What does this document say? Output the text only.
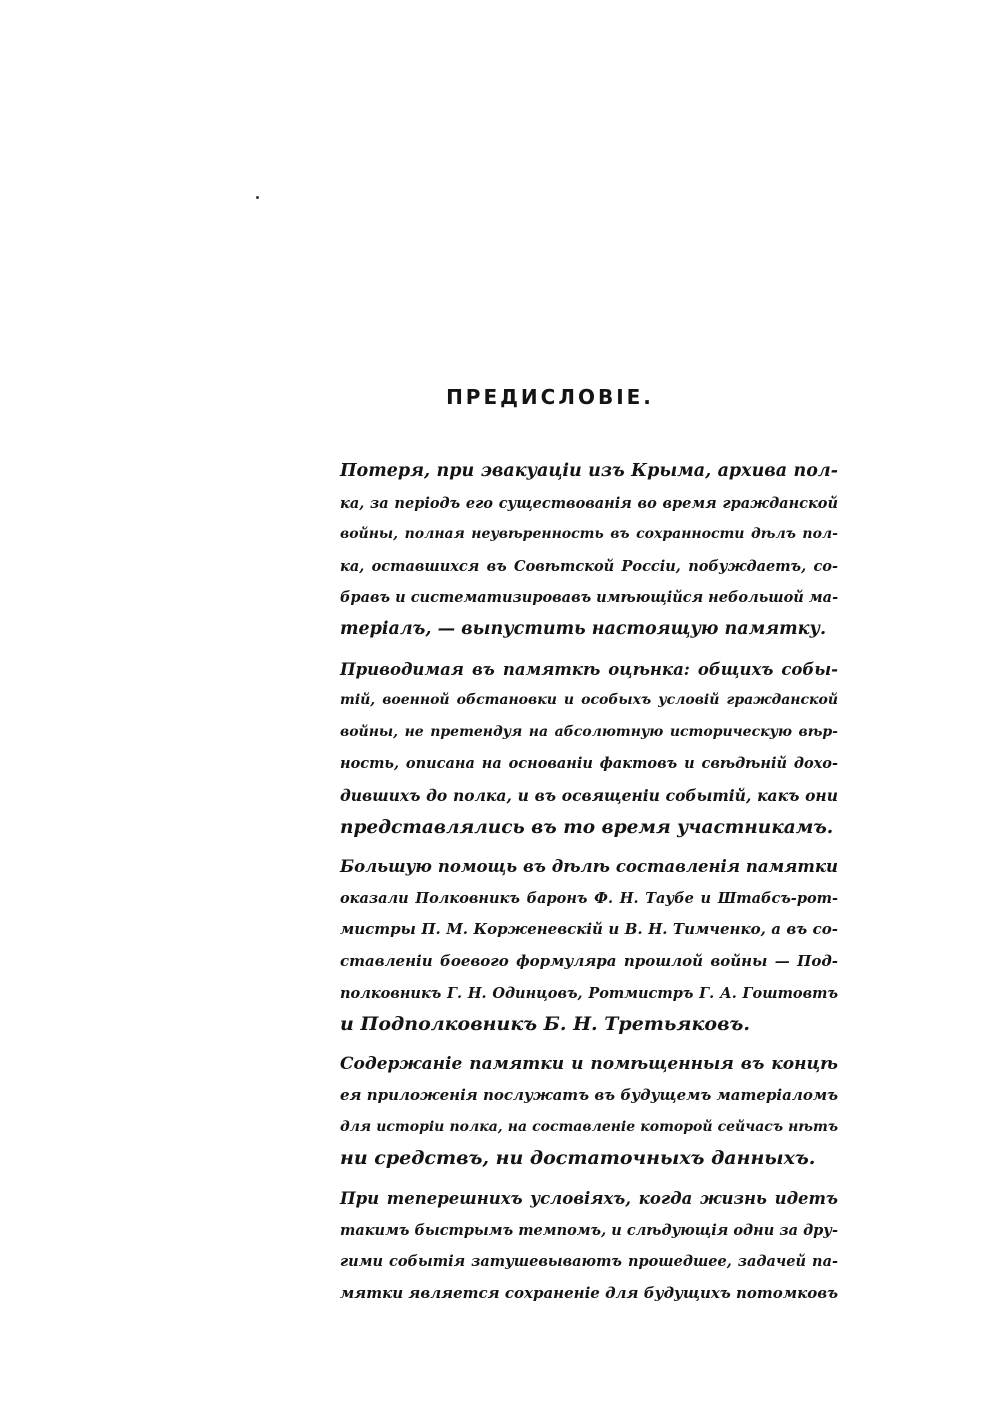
ПРЕДИСЛОВIЕ.
Потеря, при эвакуацiи изъ Крыма, архива пол-
ка, за перiодъ его существованiя во время гражданской
войны, полная неувѣренность въ сохранности дѣлъ пол-
ка, оставшихся въ Совѣтской Россiи, побуждаетъ, со-
бравъ и систематизировавъ имѣющiйся небольшой ма-
терiалъ, — выпустить настоящую памятку.
Приводимая въ памяткѣ оцѣнка: общихъ собы-
тiй, военной обстановки и особыхъ условiй гражданской
войны, не претендуя на абсолютную историческую вѣр-
ность, описана на основанiи фактовъ и свѣдѣнiй дохо-
дившихъ до полка, и въ освященiи событiй, какъ они
представлялись въ то время участникамъ.
Большую помощь въ дѣлѣ составленiя памятки
оказали Полковникъ баронъ Ф. Н. Таубе и Штабсъ-рот-
мистры П. М. Корженевскiй и В. Н. Тимченко, а въ со-
ставленiи боевого формуляра прошлой войны — Под-
полковникъ Г. Н. Одинцовъ, Ротмистръ Г. А. Гоштовтъ
и Подполковникъ Б. Н. Третьяковъ.
Содержанiе памятки и помѣщенныя въ концѣ
ея приложенiя послужатъ въ будущемъ матерiаломъ
для исторiи полка, на составленiе которой сейчасъ нѣтъ
ни средствъ, ни достаточныхъ данныхъ.
При теперешнихъ условiяхъ, когда жизнь идетъ
такимъ быстрымъ темпомъ, и слѣдующiя одни за дру-
гими событiя затушевываютъ прошедшее, задачей па-
мятки является сохраненiе для будущихъ потомковъ
